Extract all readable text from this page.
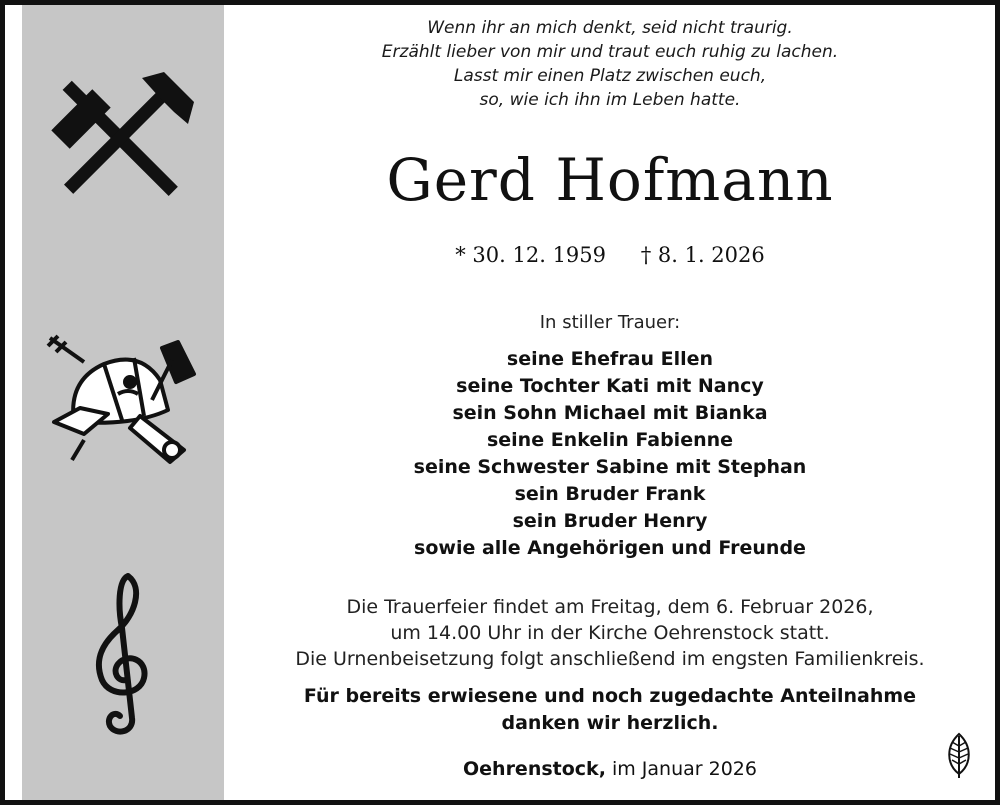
Wenn ihr an mich denkt, seid nicht traurig.
Erzählt lieber von mir und traut euch ruhig zu lachen.
Lasst mir einen Platz zwischen euch,
so, wie ich ihn im Leben hatte.
Gerd Hofmann
* 30. 12. 1959 † 8. 1. 2026
In stiller Trauer:
seine Ehefrau Ellen
seine Tochter Kati mit Nancy
sein Sohn Michael mit Bianka
seine Enkelin Fabienne
seine Schwester Sabine mit Stephan
sein Bruder Frank
sein Bruder Henry
sowie alle Angehörigen und Freunde
Die Trauerfeier findet am Freitag, dem 6. Februar 2026,
um 14.00 Uhr in der Kirche Oehrenstock statt.
Die Urnenbeisetzung folgt anschließend im engsten Familienkreis.
Für bereits erwiesene und noch zugedachte Anteilnahme
danken wir herzlich.
Oehrenstock, im Januar 2026
